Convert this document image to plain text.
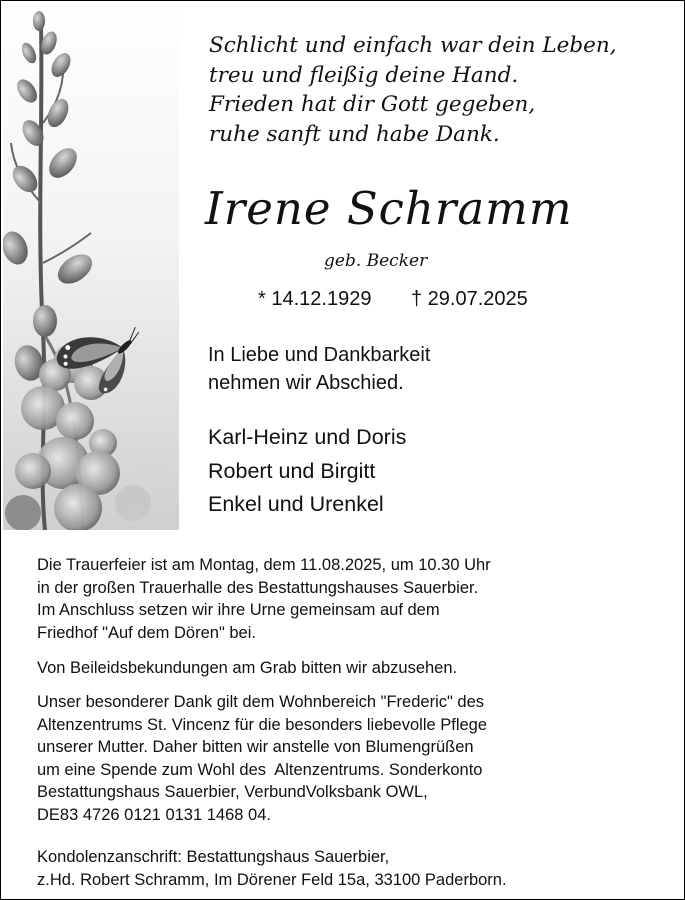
Schlicht und einfach war dein Leben,
treu und fleißig deine Hand.
Frieden hat dir Gott gegeben,
ruhe sanft und habe Dank.
Irene Schramm
geb. Becker
* 14.12.1929 † 29.07.2025
In Liebe und Dankbarkeit
nehmen wir Abschied.
Karl-Heinz und Doris
Robert und Birgitt
Enkel und Urenkel
Die Trauerfeier ist am Montag, dem 11.08.2025, um 10.30 Uhr
in der großen Trauerhalle des Bestattungshauses Sauerbier.
Im Anschluss setzen wir ihre Urne gemeinsam auf dem
Friedhof "Auf dem Dören" bei.
Von Beileidsbekundungen am Grab bitten wir abzusehen.
Unser besonderer Dank gilt dem Wohnbereich "Frederic" des
Altenzentrums St. Vincenz für die besonders liebevolle Pflege
unserer Mutter. Daher bitten wir anstelle von Blumengrüßen
um eine Spende zum Wohl des  Altenzentrums. Sonderkonto
Bestattungshaus Sauerbier, VerbundVolksbank OWL,
DE83 4726 0121 0131 1468 04.
Kondolenzanschrift: Bestattungshaus Sauerbier,
z.Hd. Robert Schramm, Im Dörener Feld 15a, 33100 Paderborn.
